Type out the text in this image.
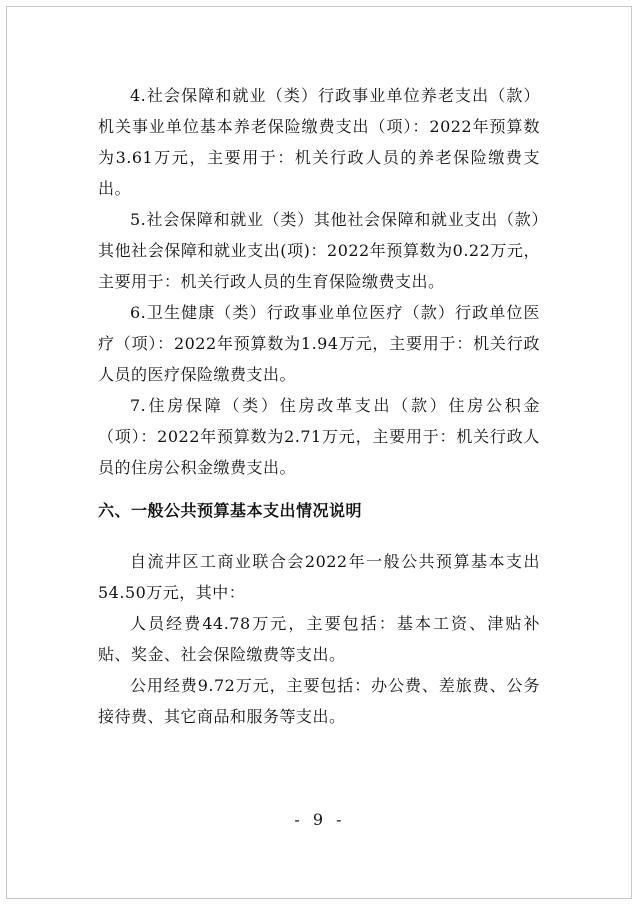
4.社会保障和就业（类）行政事业单位养老支出（款）机关事业单位基本养老保险缴费支出（项）：2022年预算数为3.61万元，主要用于：机关行政人员的养老保险缴费支出。

5.社会保障和就业（类）其他社会保障和就业支出（款）其他社会保障和就业支出(项)：2022年预算数为0.22万元，主要用于：机关行政人员的生育保险缴费支出。

6.卫生健康（类）行政事业单位医疗（款）行政单位医疗（项）：2022年预算数为1.94万元，主要用于：机关行政人员的医疗保险缴费支出。

7.住房保障（类）住房改革支出（款）住房公积金（项）：2022年预算数为2.71万元，主要用于：机关行政人员的住房公积金缴费支出。

六、一般公共预算基本支出情况说明

自流井区工商业联合会2022年一般公共预算基本支出54.50万元，其中：

人员经费44.78万元，主要包括：基本工资、津贴补贴、奖金、社会保险缴费等支出。

公用经费9.72万元，主要包括：办公费、差旅费、公务接待费、其它商品和服务等支出。

- 9 -
